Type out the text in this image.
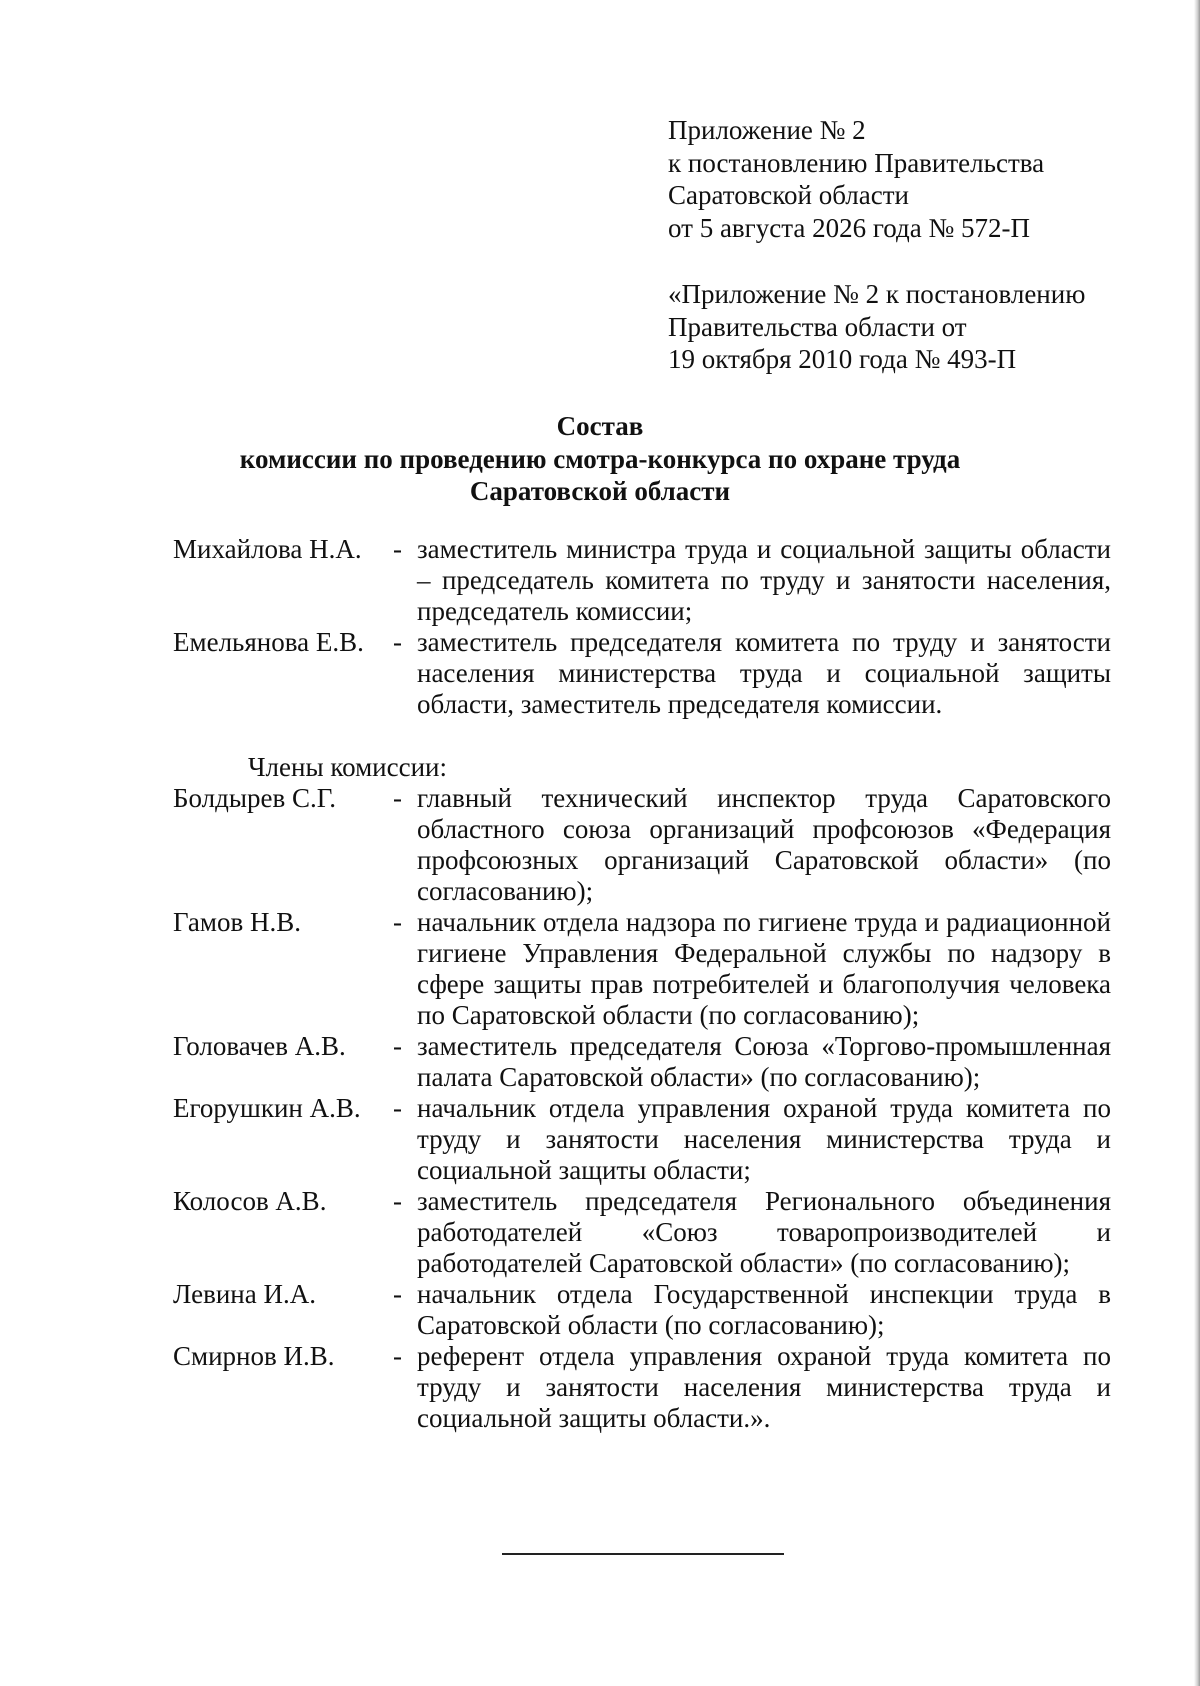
Приложение № 2
к постановлению Правительства
Саратовской области
от 5 августа 2026 года № 572-П
«Приложение № 2 к постановлению
Правительства области от
19 октября 2010 года № 493-П
Состав
комиссии по проведению смотра-конкурса по охране труда
Саратовской области
Михайлова Н.А.	- заместитель министра труда и социальной защиты области – председатель комитета по труду и занятости населения, председатель комиссии;
Емельянова Е.В.	- заместитель председателя комитета по труду и занятости населения министерства труда и социальной защиты области, заместитель председателя комиссии.
Члены комиссии:
Болдырев С.Г.	- главный технический инспектор труда Саратовского областного союза организаций профсоюзов «Федерация профсоюзных организаций Саратовской области» (по согласованию);
Гамов Н.В.	- начальник отдела надзора по гигиене труда и радиационной гигиене Управления Федеральной службы по надзору в сфере защиты прав потребителей и благополучия человека по Саратовской области (по согласованию);
Головачев А.В.	- заместитель председателя Союза «Торгово-промышленная палата Саратовской области» (по согласованию);
Егорушкин А.В.	- начальник отдела управления охраной труда комитета по труду и занятости населения министерства труда и социальной защиты области;
Колосов А.В.	- заместитель председателя Регионального объединения работодателей «Союз товаропроизводителей и работодателей Саратовской области» (по согласованию);
Левина И.А.	- начальник отдела Государственной инспекции труда в Саратовской области (по согласованию);
Смирнов И.В.	- референт отдела управления охраной труда комитета по труду и занятости населения министерства труда и социальной защиты области.».
